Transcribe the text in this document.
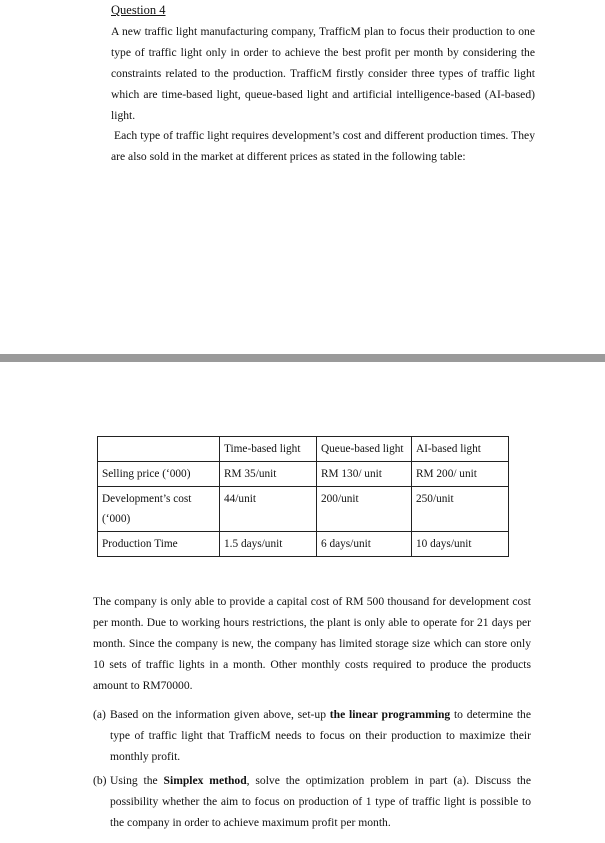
Question 4

A new traffic light manufacturing company, TrafficM plan to focus their production to one type of traffic light only in order to achieve the best profit per month by considering the constraints related to the production. TrafficM firstly consider three types of traffic light which are time-based light, queue-based light and artificial intelligence-based (AI-based) light.

Each type of traffic light requires development’s cost and different production times. They are also sold in the market at different prices as stated in the following table:

	Time-based light	Queue-based light	AI-based light
Selling price (‘000)	RM 35/unit	RM 130/ unit	RM 200/ unit
Development’s cost (‘000)	44/unit	200/unit	250/unit
Production Time	1.5 days/unit	6 days/unit	10 days/unit

The company is only able to provide a capital cost of RM 500 thousand for development cost per month. Due to working hours restrictions, the plant is only able to operate for 21 days per month. Since the company is new, the company has limited storage size which can store only 10 sets of traffic lights in a month. Other monthly costs required to produce the products amount to RM70000.

(a) Based on the information given above, set-up the linear programming to determine the type of traffic light that TrafficM needs to focus on their production to maximize their monthly profit.
(b) Using the Simplex method, solve the optimization problem in part (a). Discuss the possibility whether the aim to focus on production of 1 type of traffic light is possible to the company in order to achieve maximum profit per month.
